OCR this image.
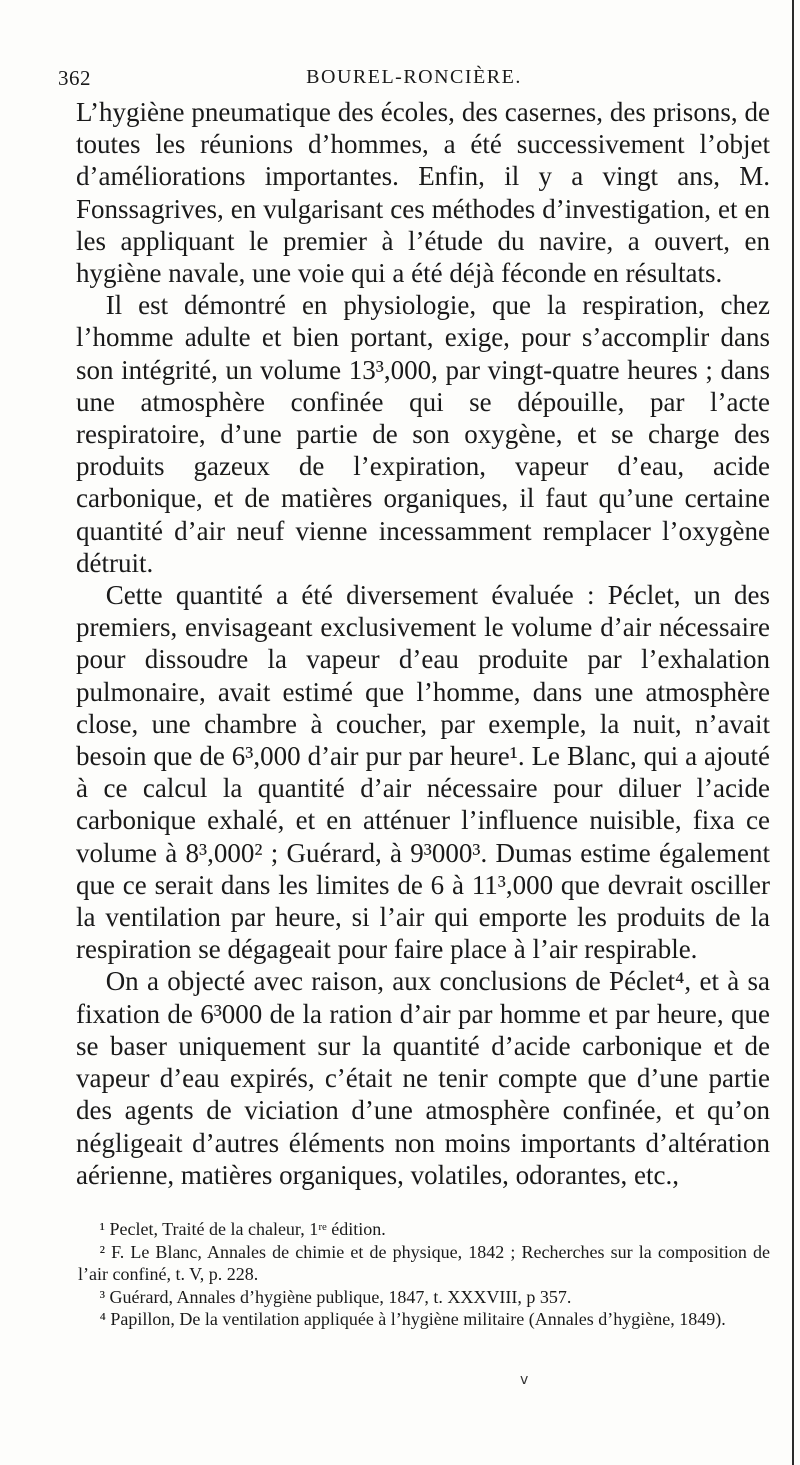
362	BOUREL-RONCIÈRE.

L’hygiène pneumatique des écoles, des casernes, des prisons, de toutes les réunions d’hommes, a été successivement l’objet d’améliorations importantes. Enfin, il y a vingt ans, M. Fonssagrives, en vulgarisant ces méthodes d’investigation, et en les appliquant le premier à l’étude du navire, a ouvert, en hygiène navale, une voie qui a été déjà féconde en résultats.

Il est démontré en physiologie, que la respiration, chez l’homme adulte et bien portant, exige, pour s’accomplir dans son intégrité, un volume 13³,000, par vingt-quatre heures ; dans une atmosphère confinée qui se dépouille, par l’acte respiratoire, d’une partie de son oxygène, et se charge des produits gazeux de l’expiration, vapeur d’eau, acide carbonique, et de matières organiques, il faut qu’une certaine quantité d’air neuf vienne incessamment remplacer l’oxygène détruit.

Cette quantité a été diversement évaluée : Péclet, un des premiers, envisageant exclusivement le volume d’air nécessaire pour dissoudre la vapeur d’eau produite par l’exhalation pulmonaire, avait estimé que l’homme, dans une atmosphère close, une chambre à coucher, par exemple, la nuit, n’avait besoin que de 6³,000 d’air pur par heure¹. Le Blanc, qui a ajouté à ce calcul la quantité d’air nécessaire pour diluer l’acide carbonique exhalé, et en atténuer l’influence nuisible, fixa ce volume à 8³,000² ; Guérard, à 9³000³. Dumas estime également que ce serait dans les limites de 6 à 11³,000 que devrait osciller la ventilation par heure, si l’air qui emporte les produits de la respiration se dégageait pour faire place à l’air respirable.

On a objecté avec raison, aux conclusions de Péclet⁴, et à sa fixation de 6³000 de la ration d’air par homme et par heure, que se baser uniquement sur la quantité d’acide carbonique et de vapeur d’eau expirés, c’était ne tenir compte que d’une partie des agents de viciation d’une atmosphère confinée, et qu’on négligeait d’autres éléments non moins importants d’altération aérienne, matières organiques, volatiles, odorantes, etc.,

¹ Peclet, Traité de la chaleur, 1ʳᵉ édition.

² F. Le Blanc, Annales de chimie et de physique, 1842 ; Recherches sur la composition de l’air confiné, t. V, p. 228.

³ Guérard, Annales d’hygiène publique, 1847, t. XXXVIII, p 357.

⁴ Papillon, De la ventilation appliquée à l’hygiène militaire (Annales d’hygiène, 1849).

v
